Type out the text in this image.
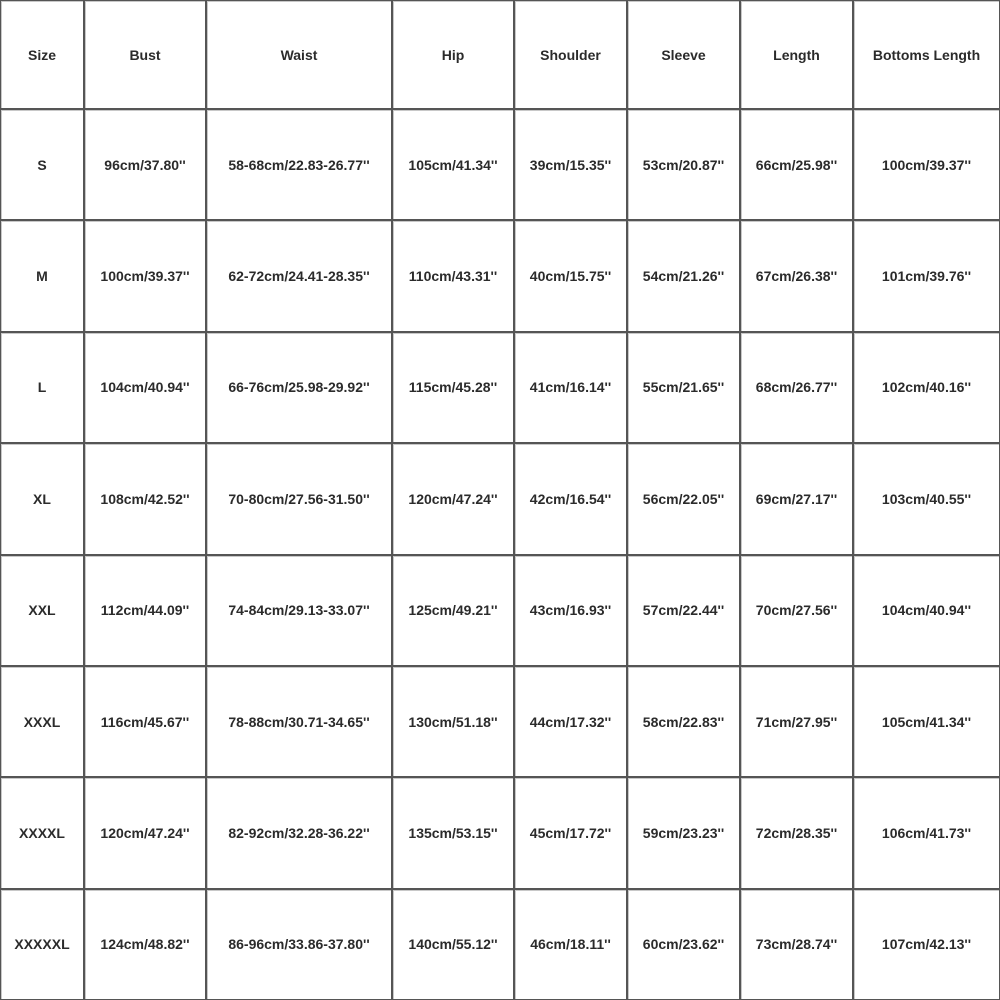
Size	Bust	Waist	Hip	Shoulder	Sleeve	Length	Bottoms Length
S	96cm/37.80''	58-68cm/22.83-26.77''	105cm/41.34''	39cm/15.35''	53cm/20.87''	66cm/25.98''	100cm/39.37''
M	100cm/39.37''	62-72cm/24.41-28.35''	110cm/43.31''	40cm/15.75''	54cm/21.26''	67cm/26.38''	101cm/39.76''
L	104cm/40.94''	66-76cm/25.98-29.92''	115cm/45.28''	41cm/16.14''	55cm/21.65''	68cm/26.77''	102cm/40.16''
XL	108cm/42.52''	70-80cm/27.56-31.50''	120cm/47.24''	42cm/16.54''	56cm/22.05''	69cm/27.17''	103cm/40.55''
XXL	112cm/44.09''	74-84cm/29.13-33.07''	125cm/49.21''	43cm/16.93''	57cm/22.44''	70cm/27.56''	104cm/40.94''
XXXL	116cm/45.67''	78-88cm/30.71-34.65''	130cm/51.18''	44cm/17.32''	58cm/22.83''	71cm/27.95''	105cm/41.34''
XXXXL	120cm/47.24''	82-92cm/32.28-36.22''	135cm/53.15''	45cm/17.72''	59cm/23.23''	72cm/28.35''	106cm/41.73''
XXXXXL	124cm/48.82''	86-96cm/33.86-37.80''	140cm/55.12''	46cm/18.11''	60cm/23.62''	73cm/28.74''	107cm/42.13''
